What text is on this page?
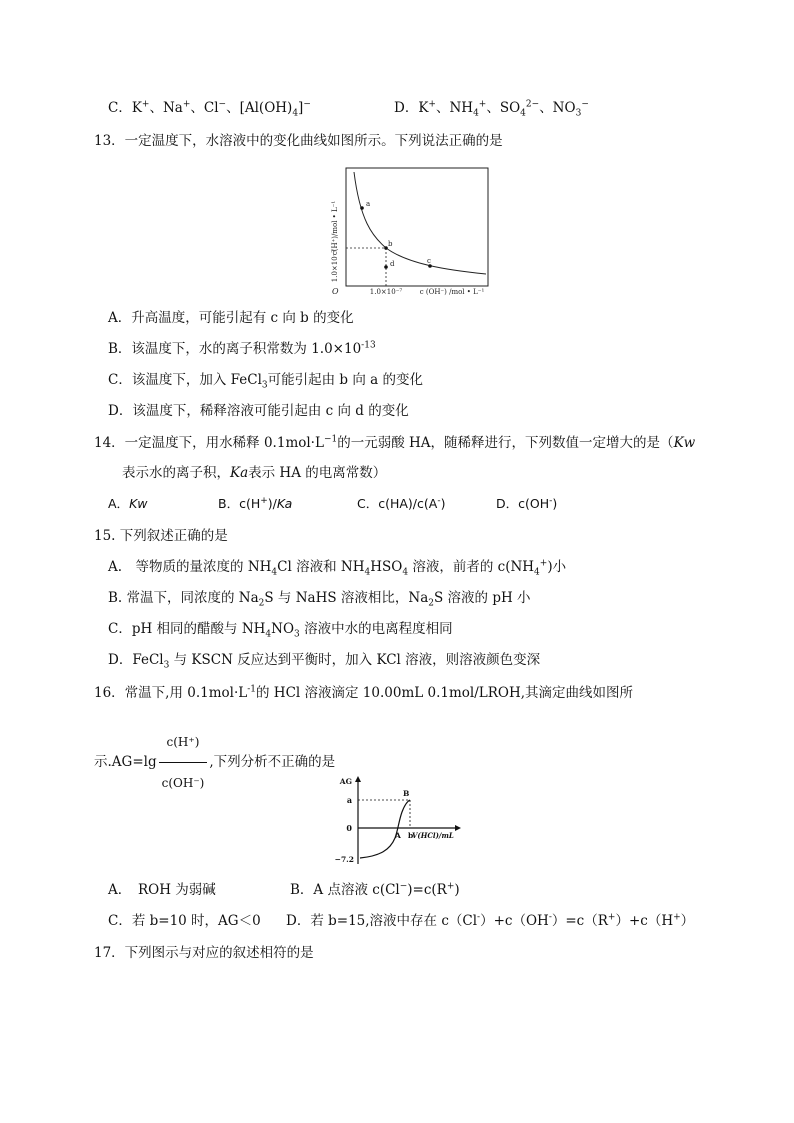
C．K+、Na+、Cl−、$[Al(OH)_4]^-$	D．K+、$NH_4^+$、$SO_4^{2-}$、$NO_3^-$
13．一定温度下，水溶液中的变化曲线如图所示。下列说法正确的是
c(H⁺)/mol • L⁻¹
1.0×10⁻⁷
O	1.0×10⁻⁷	c (OH⁻) /mol • L⁻¹
a
b
c
d
A．升高温度，可能引起有 c 向 b 的变化
B．该温度下，水的离子积常数为 $1.0\times 10^{-13}$
C．该温度下，加入 FeCl$_3$可能引起由 b 向 a 的变化
D．该温度下，稀释溶液可能引起由 c 向 d 的变化
14．一定温度下，用水稀释 $0.1mol\cdot L^{-1}$的一元弱酸 HA，随稀释进行，下列数值一定增大的是（Kw
表示水的离子积，Ka表示 HA 的电离常数）
A．Kw	B．c(H+)/Ka	C．c(HA)/c(A-)	D．c(OH-)
15. 下列叙述正确的是
A.　等物质的量浓度的 $NH_4Cl$ 溶液和 $NH_4HSO_4$ 溶液，前者的 $c(NH_4^+)$小
B. 常温下，同浓度的 $Na_2S$ 与 NaHS 溶液相比，$Na_2S$ 溶液的 pH 小
C．pH 相同的醋酸与 $NH_4NO_3$ 溶液中水的电离程度相同
D．FeCl$_3$ 与 KSCN 反应达到平衡时，加入 KCl 溶液，则溶液颜色变深
16．常温下,用 $0.1mol\cdot L^{-1}$的 HCl 溶液滴定 10.00mL 0.1mol/LROH,其滴定曲线如图所
示$.AG=\lg \frac{c(H^+)}{c(OH^-)}$ ,下列分析不正确的是
AG
a
0
−7.2
B
A b
V(HCl)/mL
A．　ROH 为弱碱	B．A 点溶液 c(Cl−)=c(R+)
C．若 b=10 时，AG＜0 D．若 b=15,溶液中存在 c（Cl-）+c（OH-）=c（R+）+c（H+）
17．下列图示与对应的叙述相符的是
